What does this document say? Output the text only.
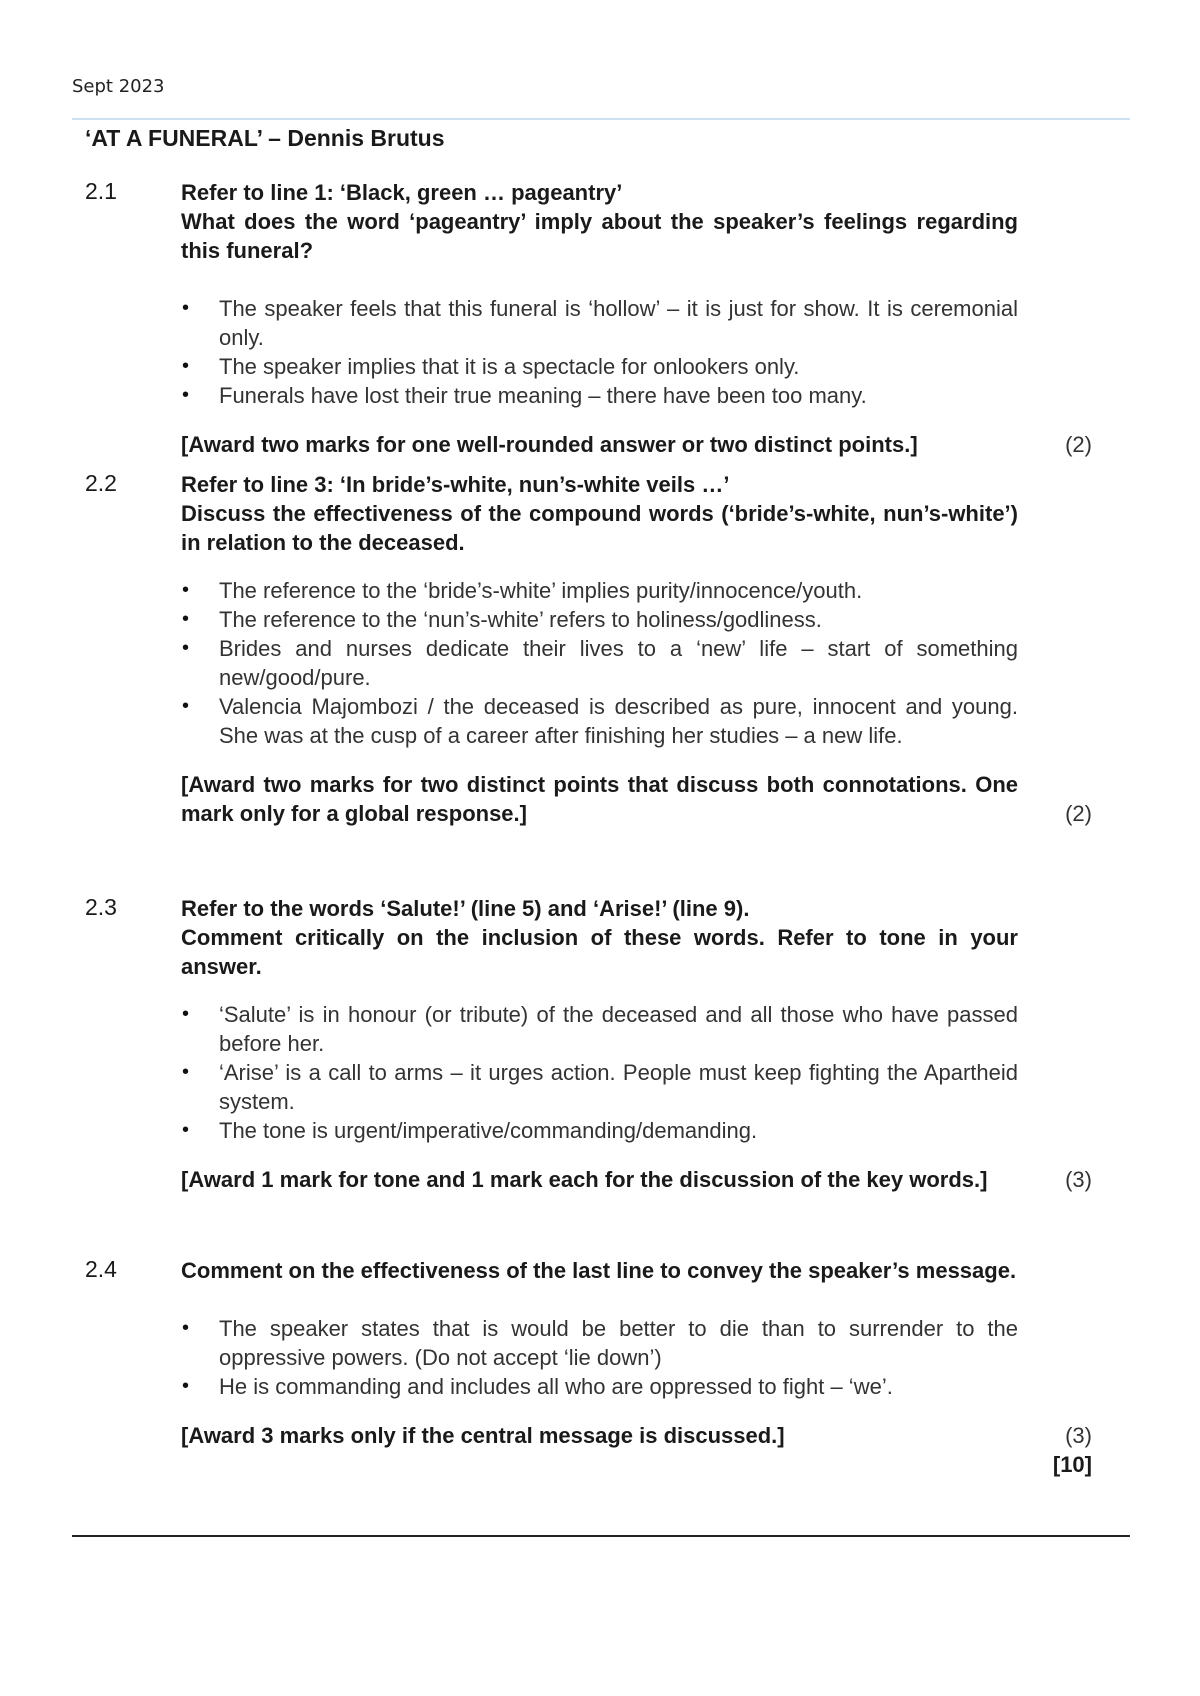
Sept 2023
‘AT A FUNERAL’ – Dennis Brutus
2.1	Refer to line 1: ‘Black, green … pageantry’

What does the word ‘pageantry’ imply about the speaker’s feelings regarding this funeral?

• The speaker feels that this funeral is ‘hollow’ – it is just for show. It is ceremonial only.
• The speaker implies that it is a spectacle for onlookers only.
• Funerals have lost their true meaning – there have been too many.

[Award two marks for one well-rounded answer or two distinct points.]	(2)
2.2	Refer to line 3: ‘In bride’s-white, nun’s-white veils …’

Discuss the effectiveness of the compound words (‘bride’s-white, nun’s-white’) in relation to the deceased.

• The reference to the ‘bride’s-white’ implies purity/innocence/youth.
• The reference to the ‘nun’s-white’ refers to holiness/godliness.
• Brides and nurses dedicate their lives to a ‘new’ life – start of something new/good/pure.
• Valencia Majombozi / the deceased is described as pure, innocent and young. She was at the cusp of a career after finishing her studies – a new life.

[Award two marks for two distinct points that discuss both connotations. One mark only for a global response.]	(2)
2.3	Refer to the words ‘Salute!’ (line 5) and ‘Arise!’ (line 9).

Comment critically on the inclusion of these words. Refer to tone in your answer.

• ‘Salute’ is in honour (or tribute) of the deceased and all those who have passed before her.
• ‘Arise’ is a call to arms – it urges action. People must keep fighting the Apartheid system.
• The tone is urgent/imperative/commanding/demanding.

[Award 1 mark for tone and 1 mark each for the discussion of the key words.]	(3)
2.4	Comment on the effectiveness of the last line to convey the speaker’s message.

• The speaker states that is would be better to die than to surrender to the oppressive powers. (Do not accept ‘lie down’)
• He is commanding and includes all who are oppressed to fight – ‘we’.

[Award 3 marks only if the central message is discussed.]	(3)
[10]
